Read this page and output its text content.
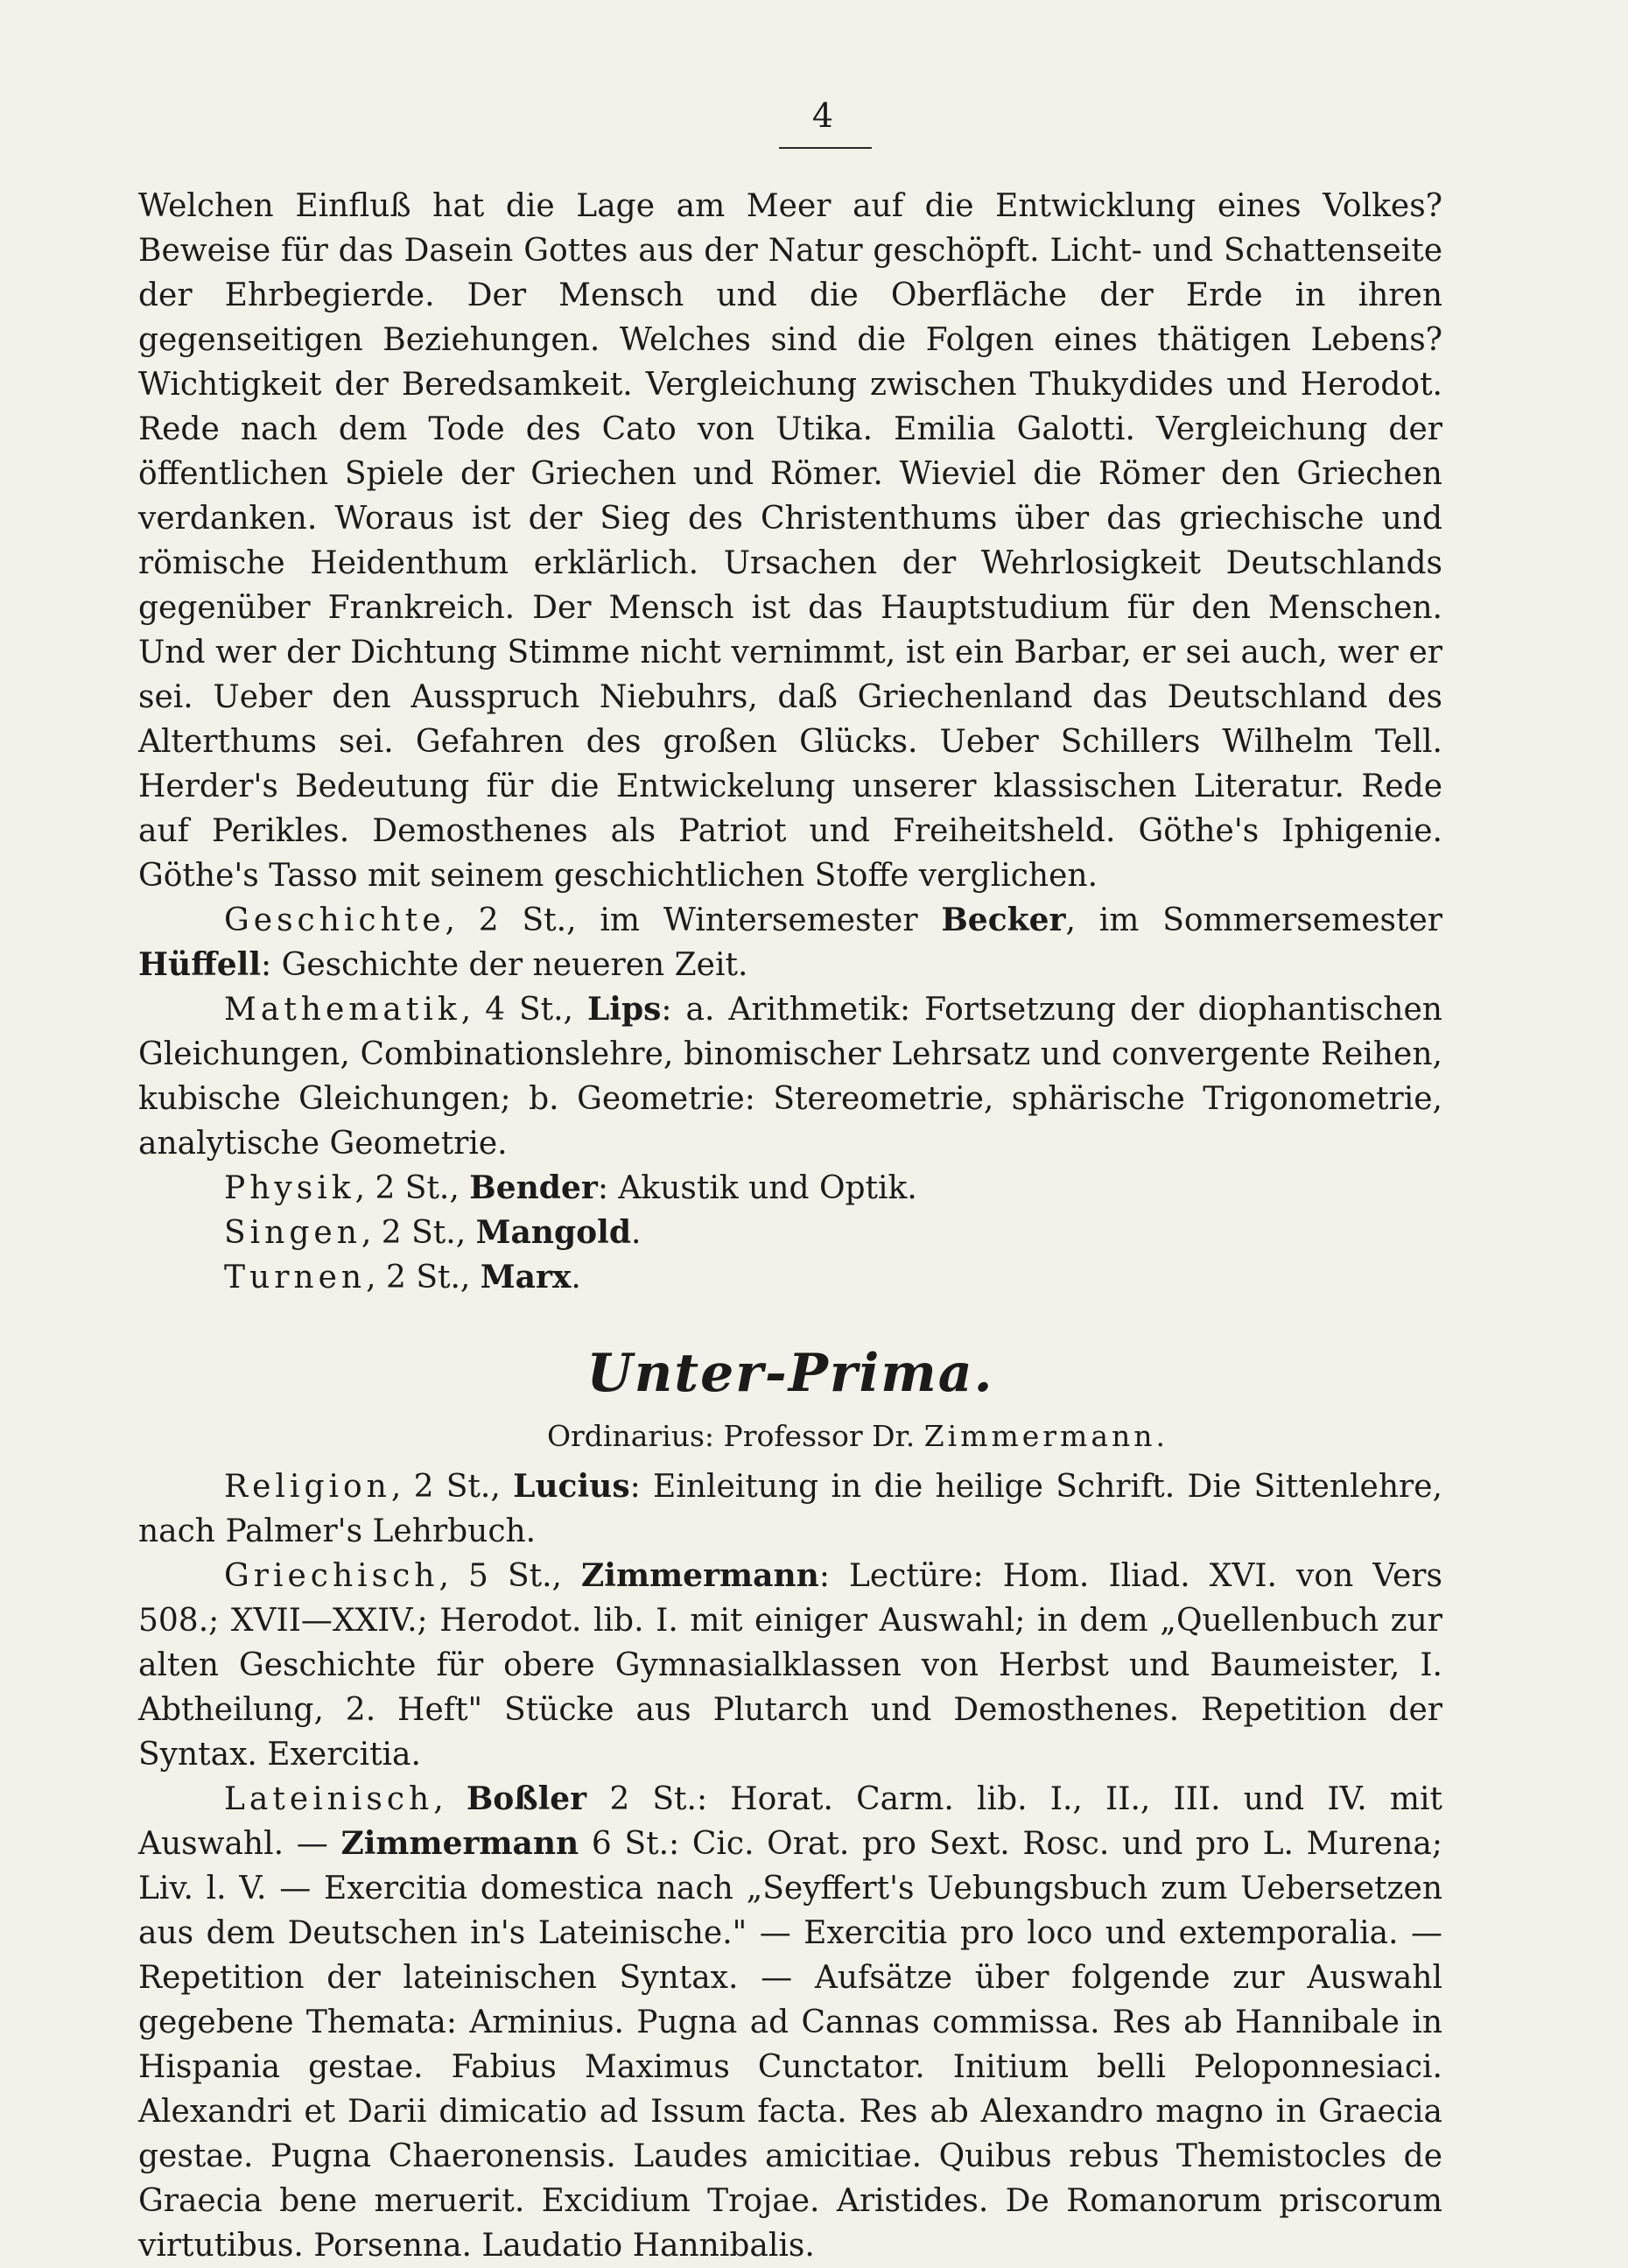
4

Welchen Einfluß hat die Lage am Meer auf die Entwicklung eines Volkes? Beweise für das Dasein Gottes aus der Natur geschöpft. Licht- und Schattenseite der Ehrbegierde. Der Mensch und die Oberfläche der Erde in ihren gegenseitigen Beziehungen. Welches sind die Folgen eines thätigen Lebens? Wichtigkeit der Beredsamkeit. Vergleichung zwischen Thukydides und Herodot. Rede nach dem Tode des Cato von Utika. Emilia Galotti. Vergleichung der öffentlichen Spiele der Griechen und Römer. Wieviel die Römer den Griechen verdanken. Woraus ist der Sieg des Christenthums über das griechische und römische Heidenthum erklärlich. Ursachen der Wehrlosigkeit Deutschlands gegenüber Frankreich. Der Mensch ist das Hauptstudium für den Menschen. Und wer der Dichtung Stimme nicht vernimmt, ist ein Barbar, er sei auch, wer er sei. Ueber den Ausspruch Niebuhrs, daß Griechenland das Deutschland des Alterthums sei. Gefahren des großen Glücks. Ueber Schillers Wilhelm Tell. Herder's Bedeutung für die Entwickelung unserer klassischen Literatur. Rede auf Perikles. Demosthenes als Patriot und Freiheitsheld. Göthe's Iphigenie. Göthe's Tasso mit seinem geschichtlichen Stoffe verglichen.

Geschichte, 2 St., im Wintersemester Becker, im Sommersemester Hüffell: Geschichte der neueren Zeit.

Mathematik, 4 St., Lips: a. Arithmetik: Fortsetzung der diophantischen Gleichungen, Combinationslehre, binomischer Lehrsatz und convergente Reihen, kubische Gleichungen; b. Geometrie: Stereometrie, sphärische Trigonometrie, analytische Geometrie.

Physik, 2 St., Bender: Akustik und Optik.

Singen, 2 St., Mangold.

Turnen, 2 St., Marx.

Unter-Prima.
Ordinarius: Professor Dr. Zimmermann.

Religion, 2 St., Lucius: Einleitung in die heilige Schrift. Die Sittenlehre, nach Palmer's Lehrbuch.

Griechisch, 5 St., Zimmermann: Lectüre: Hom. Iliad. XVI. von Vers 508.; XVII—XXIV.; Herodot. lib. I. mit einiger Auswahl; in dem „Quellenbuch zur alten Geschichte für obere Gymnasialklassen von Herbst und Baumeister, I. Abtheilung, 2. Heft" Stücke aus Plutarch und Demosthenes. Repetition der Syntax. Exercitia.

Lateinisch, Boßler 2 St.: Horat. Carm. lib. I., II., III. und IV. mit Auswahl. — Zimmermann 6 St.: Cic. Orat. pro Sext. Rosc. und pro L. Murena; Liv. l. V. — Exercitia domestica nach „Seyffert's Uebungsbuch zum Uebersetzen aus dem Deutschen in's Lateinische." — Exercitia pro loco und extemporalia. — Repetition der lateinischen Syntax. — Aufsätze über folgende zur Auswahl gegebene Themata: Arminius. Pugna ad Cannas commissa. Res ab Hannibale in Hispania gestae. Fabius Maximus Cunctator. Initium belli Peloponnesiaci. Alexandri et Darii dimicatio ad Issum facta. Res ab Alexandro magno in Graecia gestae. Pugna Chaeronensis. Laudes amicitiae. Quibus rebus Themistocles de Graecia bene meruerit. Excidium Trojae. Aristides. De Romanorum priscorum virtutibus. Porsenna. Laudatio Hannibalis.
